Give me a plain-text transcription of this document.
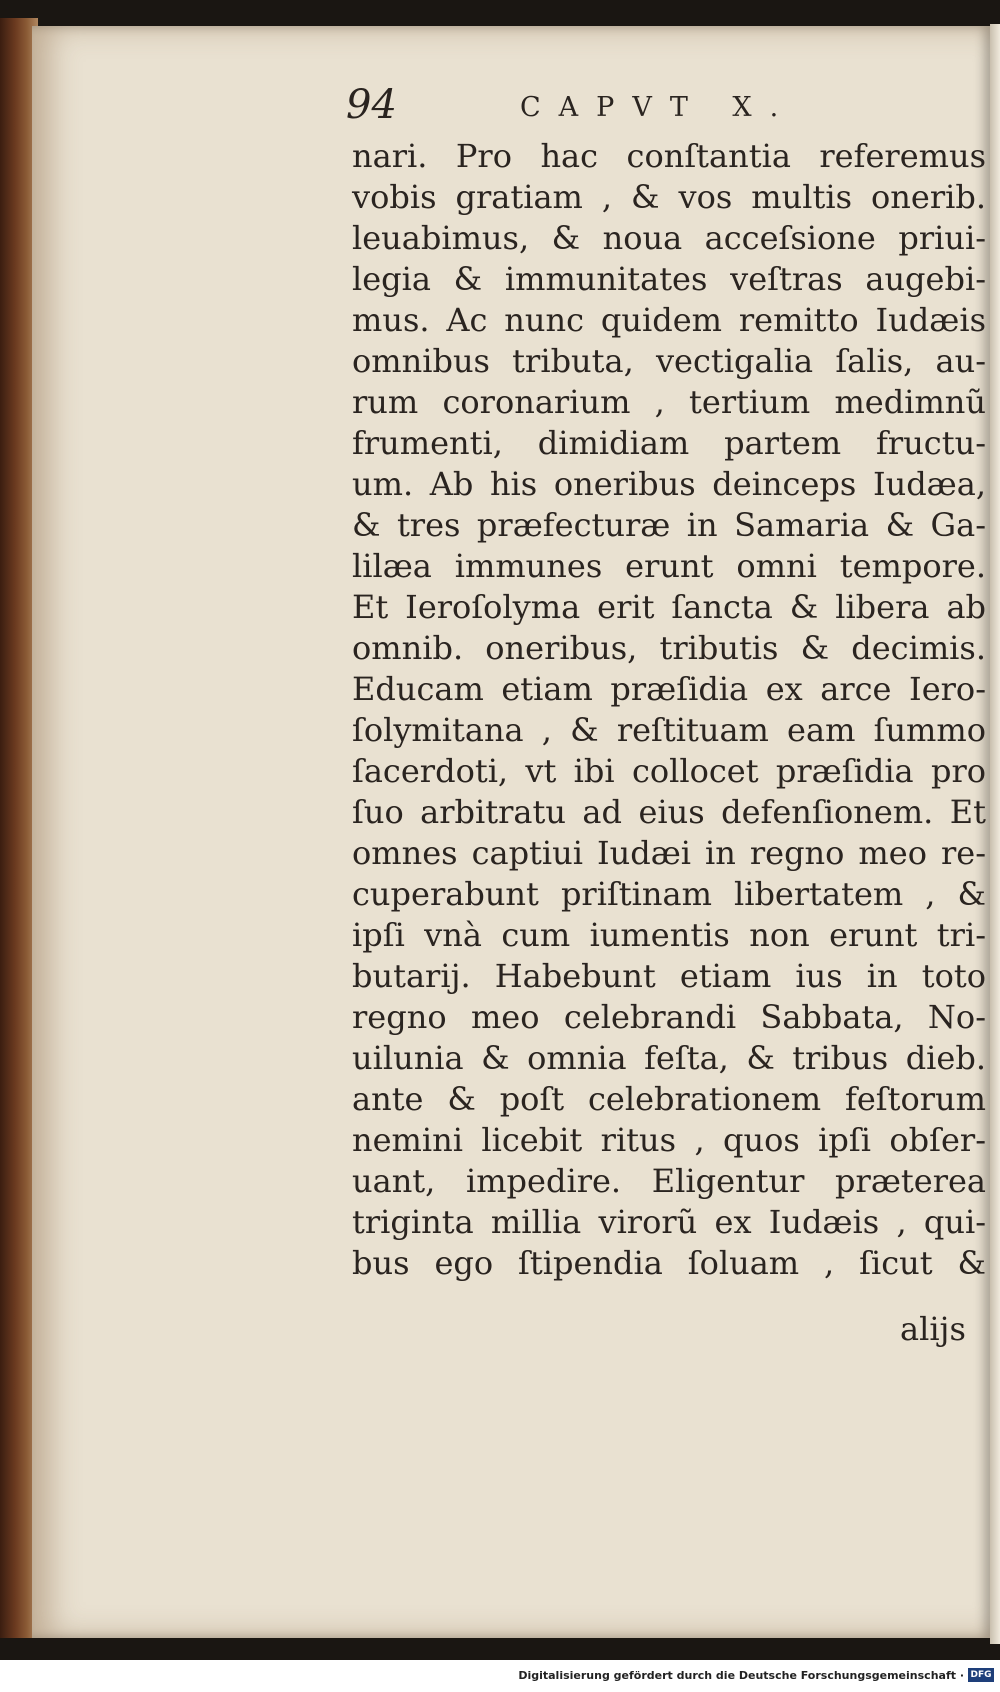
94	CAPVT X.
nari. Pro hac conſtantia referemus
vobis gratiam , & vos multis onerib.
leuabimus, & noua acceſsione priui-
legia & immunitates veſtras augebi-
mus. Ac nunc quidem remitto Iudæis
omnibus tributa, vectigalia ſalis, au-
rum coronarium , tertium medimnũ
frumenti, dimidiam partem fructu-
um. Ab his oneribus deinceps Iudæa,
& tres præfecturæ in Samaria & Ga-
lilæa immunes erunt omni tempore.
Et Ieroſolyma erit ſancta & libera ab
omnib. oneribus, tributis & decimis.
Educam etiam præſidia ex arce Iero-
ſolymitana , & reſtituam eam ſummo
ſacerdoti, vt ibi collocet præſidia pro
ſuo arbitratu ad eius defenſionem. Et
omnes captiui Iudæi in regno meo re-
cuperabunt priſtinam libertatem , &
ipſi vnà cum iumentis non erunt tri-
butarij. Habebunt etiam ius in toto
regno meo celebrandi Sabbata, No-
uilunia & omnia feſta, & tribus dieb.
ante & poſt celebrationem feſtorum
nemini licebit ritus , quos ipſi obſer-
uant, impedire. Eligentur præterea
triginta millia virorũ ex Iudæis , qui-
bus ego ſtipendia ſoluam , ſicut &
alijs
Digitalisierung gefördert durch die Deutsche Forschungsgemeinschaft · DFG
